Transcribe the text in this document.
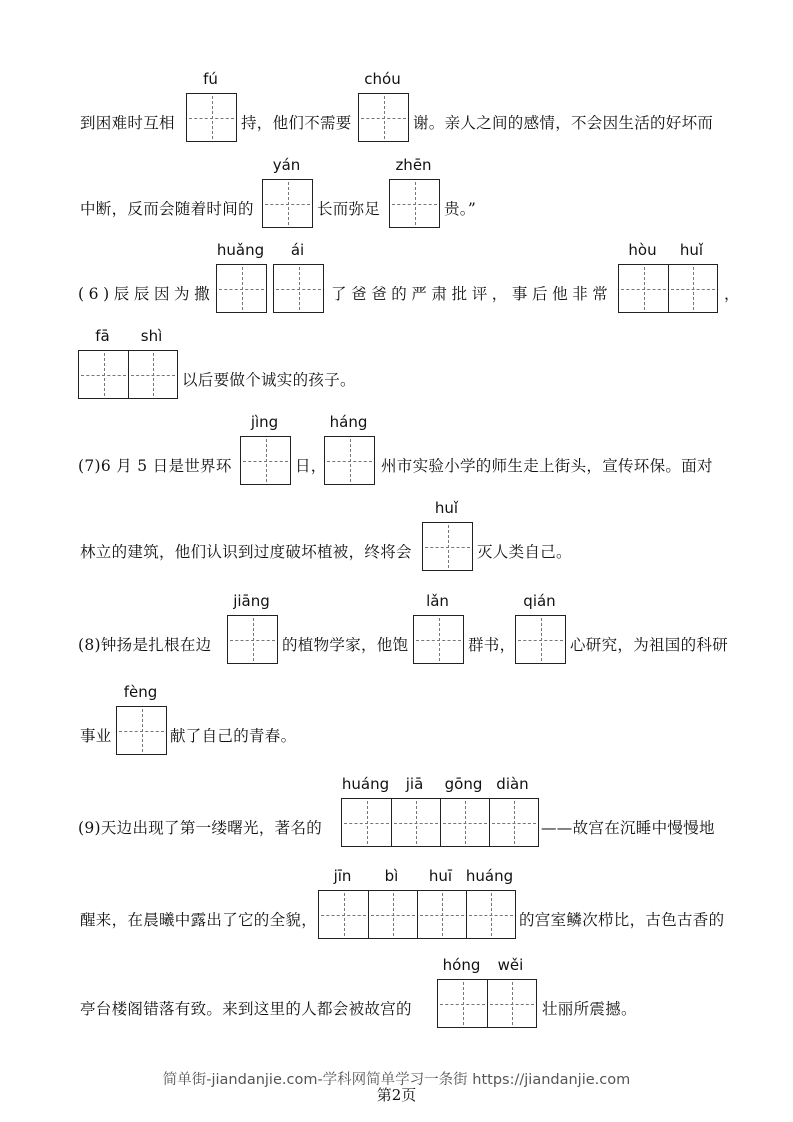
到困难时互相
fú
持，他们不需要
chóu
谢。亲人之间的感情，不会因生活的好坏而
中断，反而会随着时间的
yán
长而弥足
zhēn
贵。”
(6)辰辰因为撒
huǎng	ái
了爸爸的严肃批评，事后他非常
hòu	huǐ
，
fā	shì
以后要做个诚实的孩子。
(7)6 月 5 日是世界环
jìng
日，
háng
州市实验小学的师生走上街头，宣传环保。面对
林立的建筑，他们认识到过度破坏植被，终将会
huǐ
灭人类自己。
(8)钟扬是扎根在边
jiāng
的植物学家，他饱
lǎn
群书，
qián
心研究，为祖国的科研
事业
fèng
献了自己的青春。
(9)天边出现了第一缕曙光，著名的
huáng	jiā	gōng diàn
——故宫在沉睡中慢慢地
醒来，在晨曦中露出了它的全貌，
jīn	bì	huī huáng
的宫室鳞次栉比，古色古香的
亭台楼阁错落有致。来到这里的人都会被故宫的
hóng	wěi
壮丽所震撼。
简单街-jiandanjie.com-学科网简单学习一条街 https://jiandanjie.com
第2页
